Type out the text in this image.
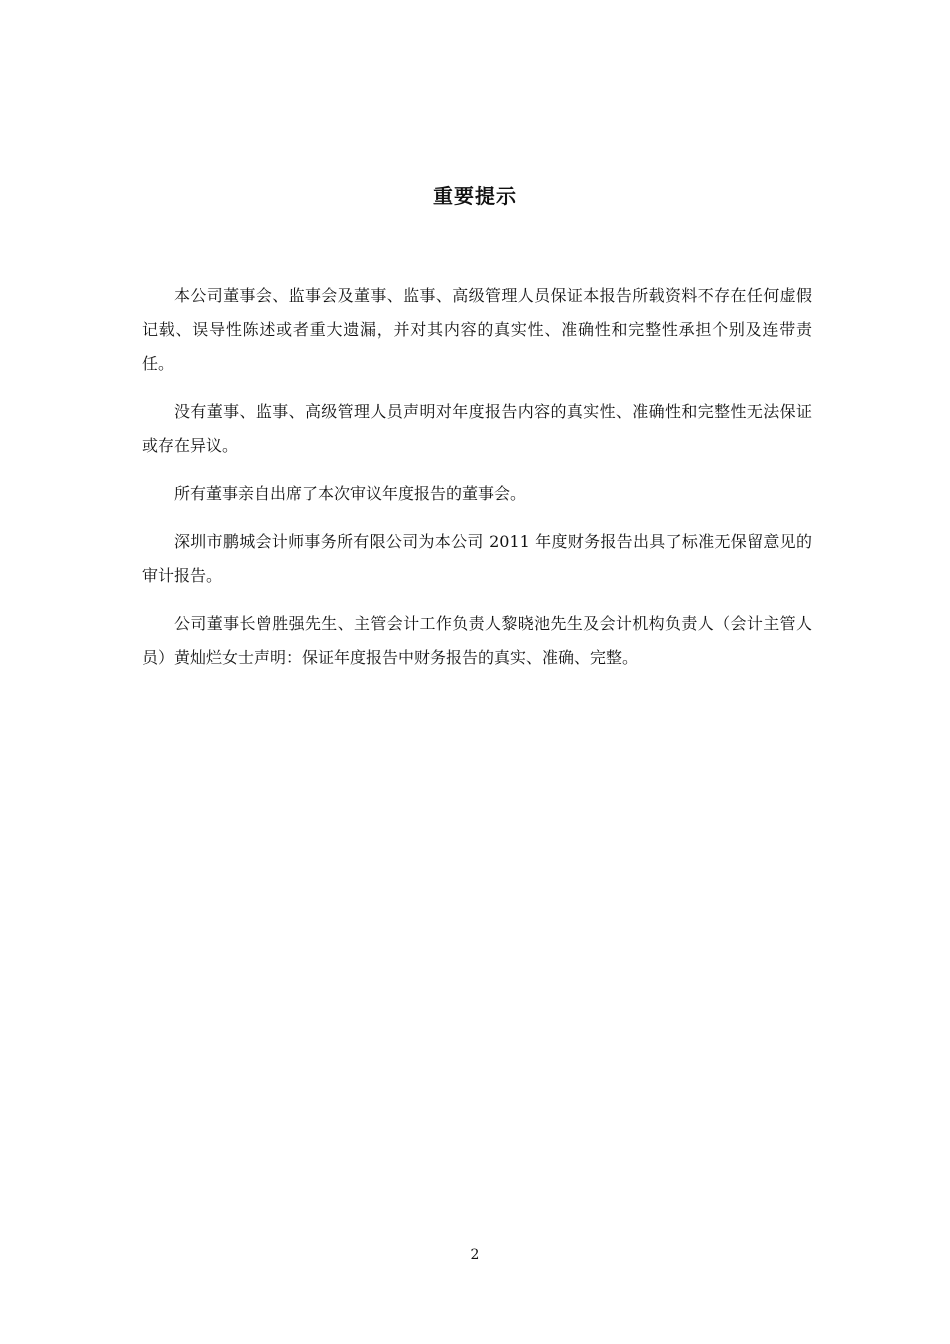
重要提示

本公司董事会、监事会及董事、监事、高级管理人员保证本报告所载资料不存在任何虚假记载、误导性陈述或者重大遗漏，并对其内容的真实性、准确性和完整性承担个别及连带责任。

没有董事、监事、高级管理人员声明对年度报告内容的真实性、准确性和完整性无法保证或存在异议。

所有董事亲自出席了本次审议年度报告的董事会。

深圳市鹏城会计师事务所有限公司为本公司 2011 年度财务报告出具了标准无保留意见的审计报告。

公司董事长曾胜强先生、主管会计工作负责人黎晓池先生及会计机构负责人（会计主管人员）黄灿烂女士声明：保证年度报告中财务报告的真实、准确、完整。

2
